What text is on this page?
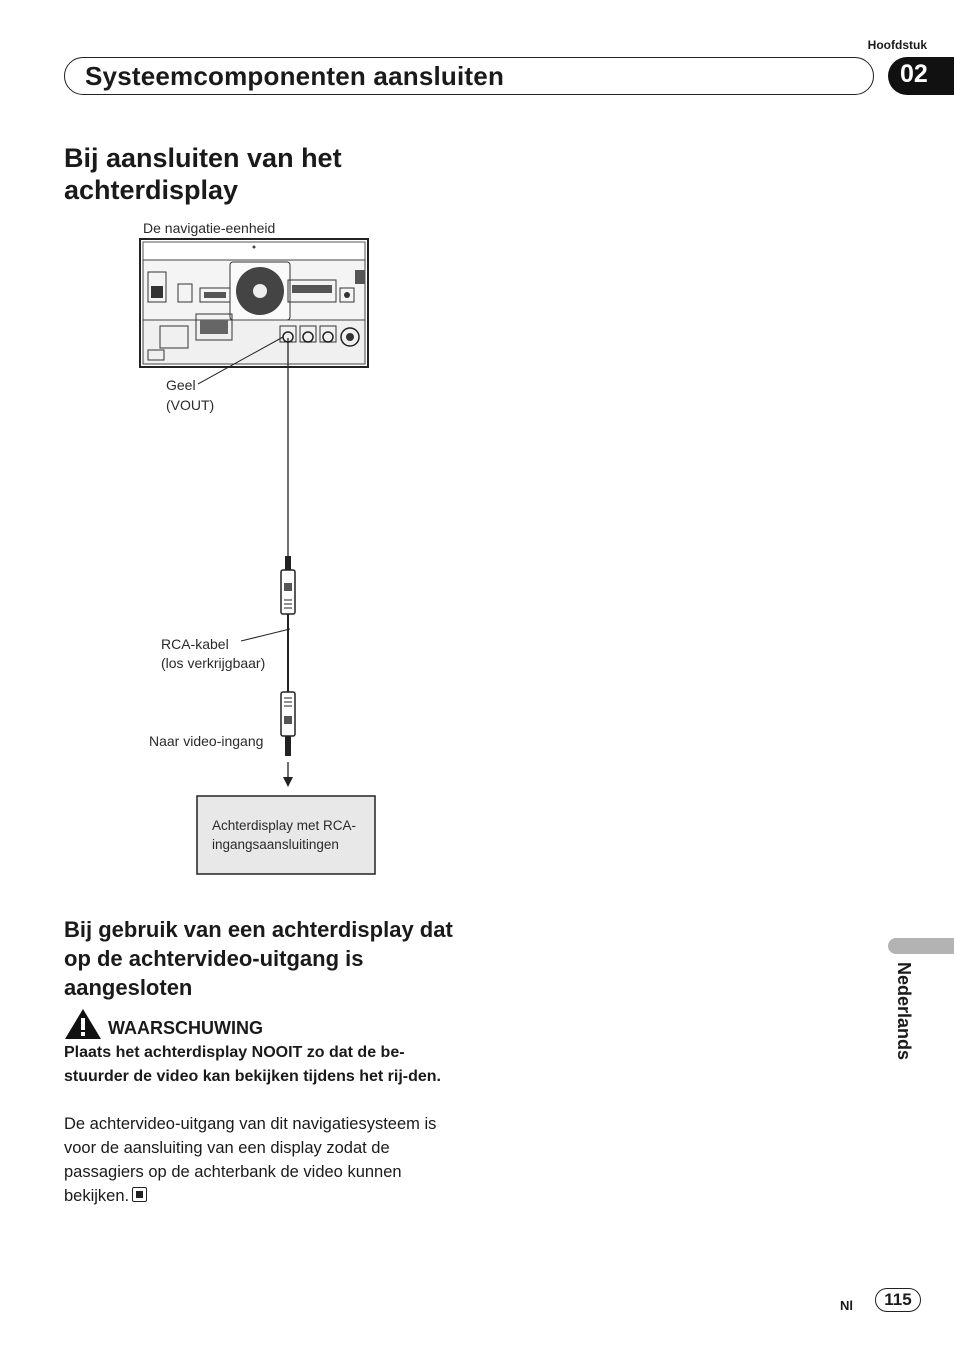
Hoofdstuk
Systeemcomponenten aansluiten	02
Bij aansluiten van het achterdisplay
De navigatie-eenheid
Geel
(VOUT)
RCA-kabel
(los verkrijgbaar)
Naar video-ingang
Achterdisplay met RCA-
ingangsaansluitingen
Bij gebruik van een achterdisplay dat op de achtervideo-uitgang is aangesloten
WAARSCHUWING
Plaats het achterdisplay NOOIT zo dat de be-stuurder de video kan bekijken tijdens het rij-den.
De achtervideo-uitgang van dit navigatiesysteem is voor de aansluiting van een display zodat de passagiers op de achterbank de video kunnen bekijken.
Nederlands
Nl	115
